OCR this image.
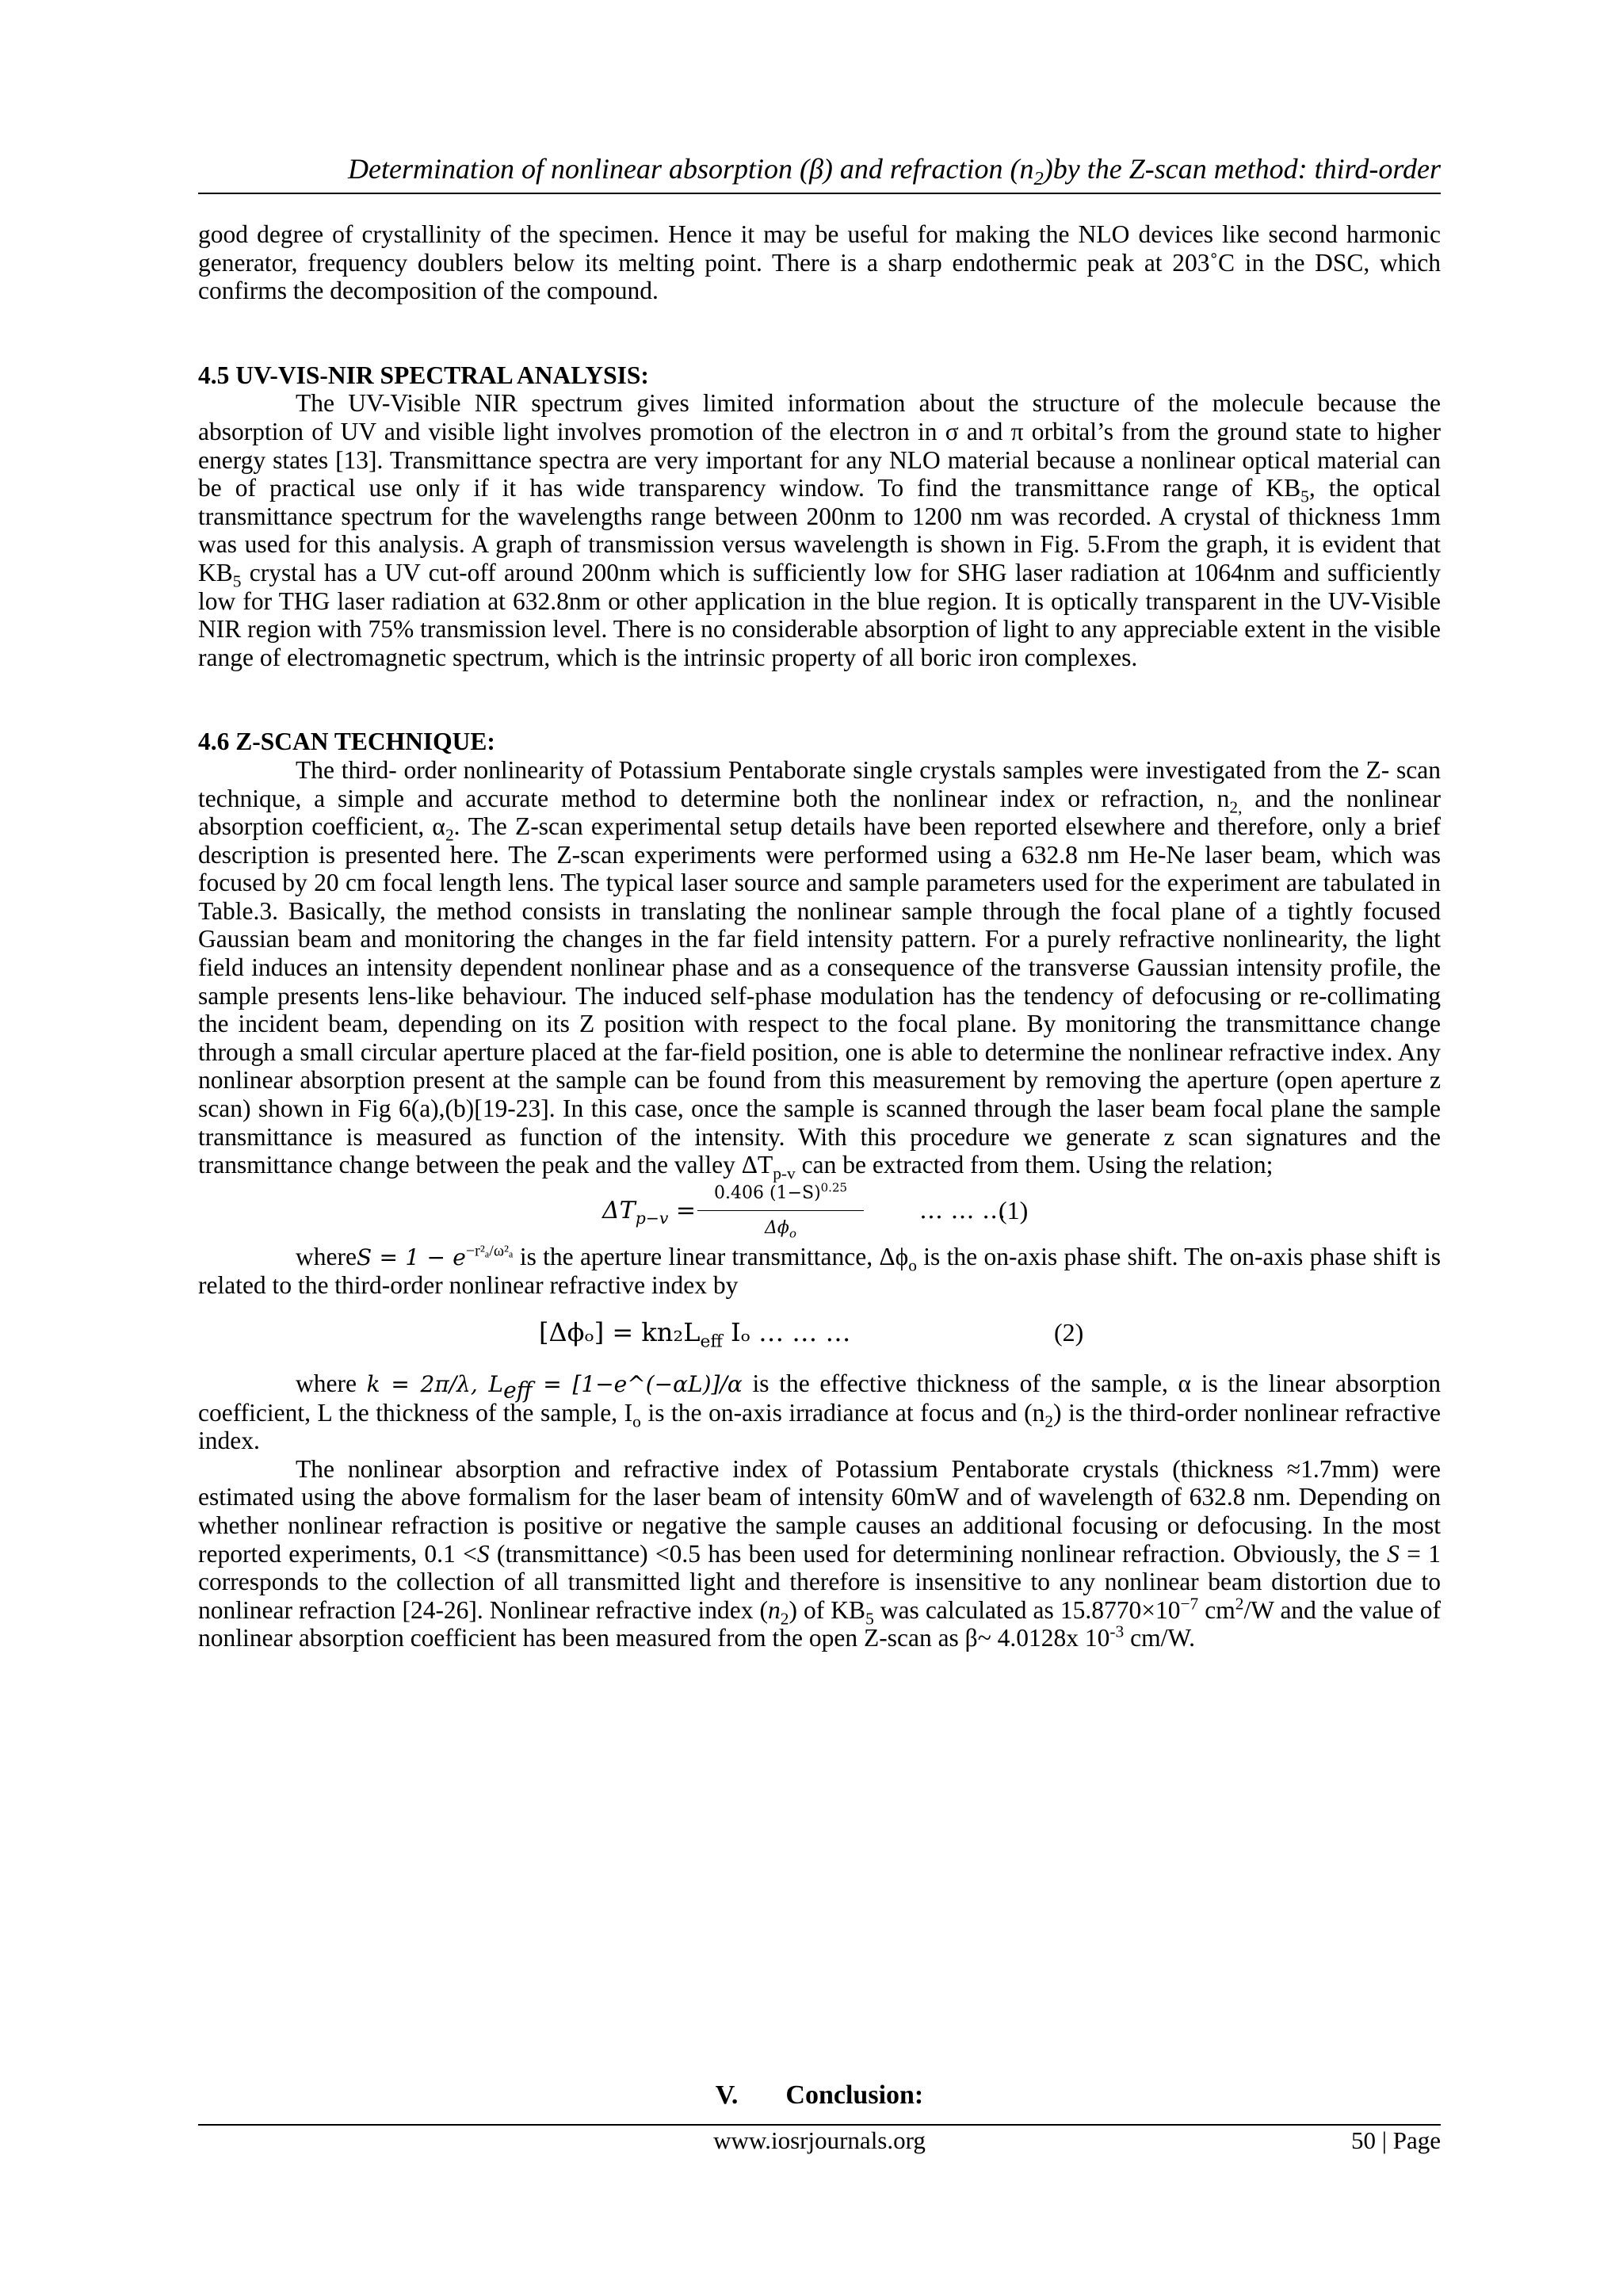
Determination of nonlinear absorption (β) and refraction $(n_2)by$ the Z-scan method: third-order

good degree of crystallinity of the specimen. Hence it may be useful for making the NLO devices like second harmonic generator, frequency doublers below its melting point. There is a sharp endothermic peak at 203˚C in the DSC, which confirms the decomposition of the compound.

4.5 UV-VIS-NIR SPECTRAL ANALYSIS:

The UV-Visible NIR spectrum gives limited information about the structure of the molecule because the absorption of UV and visible light involves promotion of the electron in σ and π orbital’s from the ground state to higher energy states [13]. Transmittance spectra are very important for any NLO material because a nonlinear optical material can be of practical use only if it has wide transparency window. To find the transmittance range of $KB_5$, the optical transmittance spectrum for the wavelengths range between 200nm to 1200 nm was recorded. A crystal of thickness 1mm was used for this analysis. A graph of transmission versus wavelength is shown in Fig. 5.From the graph, it is evident that $KB_5$ crystal has a UV cut-off around 200nm which is sufficiently low for SHG laser radiation at 1064nm and sufficiently low for THG laser radiation at 632.8nm or other application in the blue region. It is optically transparent in the UV-Visible NIR region with 75% transmission level. There is no considerable absorption of light to any appreciable extent in the visible range of electromagnetic spectrum, which is the intrinsic property of all boric iron complexes.

4.6 Z-SCAN TECHNIQUE:

The third- order nonlinearity of Potassium Pentaborate single crystals samples were investigated from the Z- scan technique, a simple and accurate method to determine both the nonlinear index or refraction, $n_{2,}$ and the nonlinear absorption coefficient, $\alpha_2$. The Z-scan experimental setup details have been reported elsewhere and therefore, only a brief description is presented here. The Z-scan experiments were performed using a 632.8 nm He-Ne laser beam, which was focused by 20 cm focal length lens. The typical laser source and sample parameters used for the experiment are tabulated in Table.3. Basically, the method consists in translating the nonlinear sample through the focal plane of a tightly focused Gaussian beam and monitoring the changes in the far field intensity pattern. For a purely refractive nonlinearity, the light field induces an intensity dependent nonlinear phase and as a consequence of the transverse Gaussian intensity profile, the sample presents lens-like behaviour. The induced self-phase modulation has the tendency of defocusing or re-collimating the incident beam, depending on its Z position with respect to the focal plane. By monitoring the transmittance change through a small circular aperture placed at the far-field position, one is able to determine the nonlinear refractive index. Any nonlinear absorption present at the sample can be found from this measurement by removing the aperture (open aperture z scan) shown in Fig 6(a),(b)[19-23]. In this case, once the sample is scanned through the laser beam focal plane the sample transmittance is measured as function of the intensity. With this procedure we generate z scan signatures and the transmittance change between the peak and the valley $\Delta T_{p-v}$ can be extracted from them. Using the relation;

$\Delta T_{p-v}$ =
0.406 $(1-S)^{0.25}$
$\Delta\phi_o$
… … …
(1)

whereS = $1 - e^{-r^2_a/\omega^2_a}$ is the aperture linear transmittance, $\Delta\phi_o$ is the on-axis phase shift. The on-axis phase shift is related to the third-order nonlinear refractive index by

$[\Delta\phi_o] = kn_2L_{eff}$ Iₒ … … …	(2)

where k = 2π/λ, $L_{eff}$ = [1−e^(−αL)]/α is the effective thickness of the sample, α is the linear absorption coefficient, L the thickness of the sample, $I_o$ is the on-axis irradiance at focus and $(n_2)$ is the third-order nonlinear refractive index.

The nonlinear absorption and refractive index of Potassium Pentaborate crystals (thickness ≈1.7mm) were estimated using the above formalism for the laser beam of intensity 60mW and of wavelength of 632.8 nm. Depending on whether nonlinear refraction is positive or negative the sample causes an additional focusing or defocusing. In the most reported experiments, 0.1 <S (transmittance) <0.5 has been used for determining nonlinear refraction. Obviously, the S = 1 corresponds to the collection of all transmitted light and therefore is insensitive to any nonlinear beam distortion due to nonlinear refraction [24-26]. Nonlinear refractive index $(n_2)$ of $KB_5$ was calculated as $15.8770\times 10^{-7}$ $cm^2/W$ and the value of nonlinear absorption coefficient has been measured from the open Z-scan as β~ 4.0128x $10^{-3}$ cm/W.

V. Conclusion:
www.iosrjournals.org	50 | Page
